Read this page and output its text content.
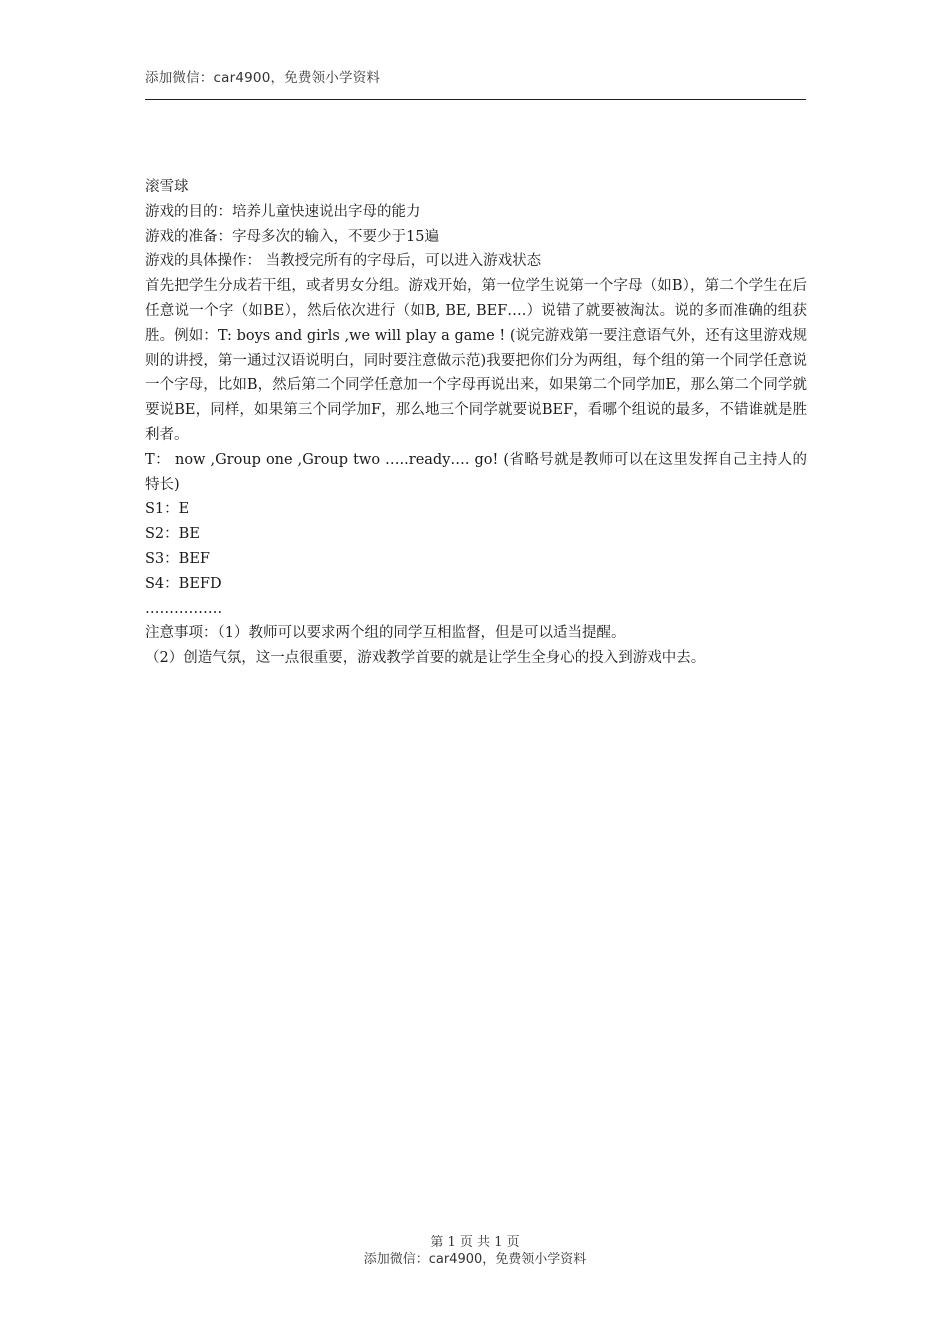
添加微信：car4900，免费领小学资料

滚雪球

游戏的目的：培养儿童快速说出字母的能力

游戏的准备：字母多次的输入，不要少于15遍

游戏的具体操作： 当教授完所有的字母后，可以进入游戏状态

首先把学生分成若干组，或者男女分组。游戏开始，第一位学生说第一个字母（如B），第二个学生在后任意说一个字（如BE），然后依次进行（如B, BE, BEF….）说错了就要被淘汰。说的多而准确的组获胜。例如：T: boys and girls ,we will play a game ! (说完游戏第一要注意语气外，还有这里游戏规则的讲授，第一通过汉语说明白，同时要注意做示范)我要把你们分为两组，每个组的第一个同学任意说一个字母，比如B，然后第二个同学任意加一个字母再说出来，如果第二个同学加E，那么第二个同学就要说BE，同样，如果第三个同学加F，那么地三个同学就要说BEF，看哪个组说的最多，不错谁就是胜利者。

T： now ,Group one ,Group two …..ready…. go! (省略号就是教师可以在这里发挥自己主持人的特长)

S1：E

S2：BE

S3：BEF

S4：BEFD

…………….

注意事项：（1）教师可以要求两个组的同学互相监督，但是可以适当提醒。

（2）创造气氛，这一点很重要，游戏教学首要的就是让学生全身心的投入到游戏中去。

第 1 页 共 1 页
添加微信：car4900，免费领小学资料
